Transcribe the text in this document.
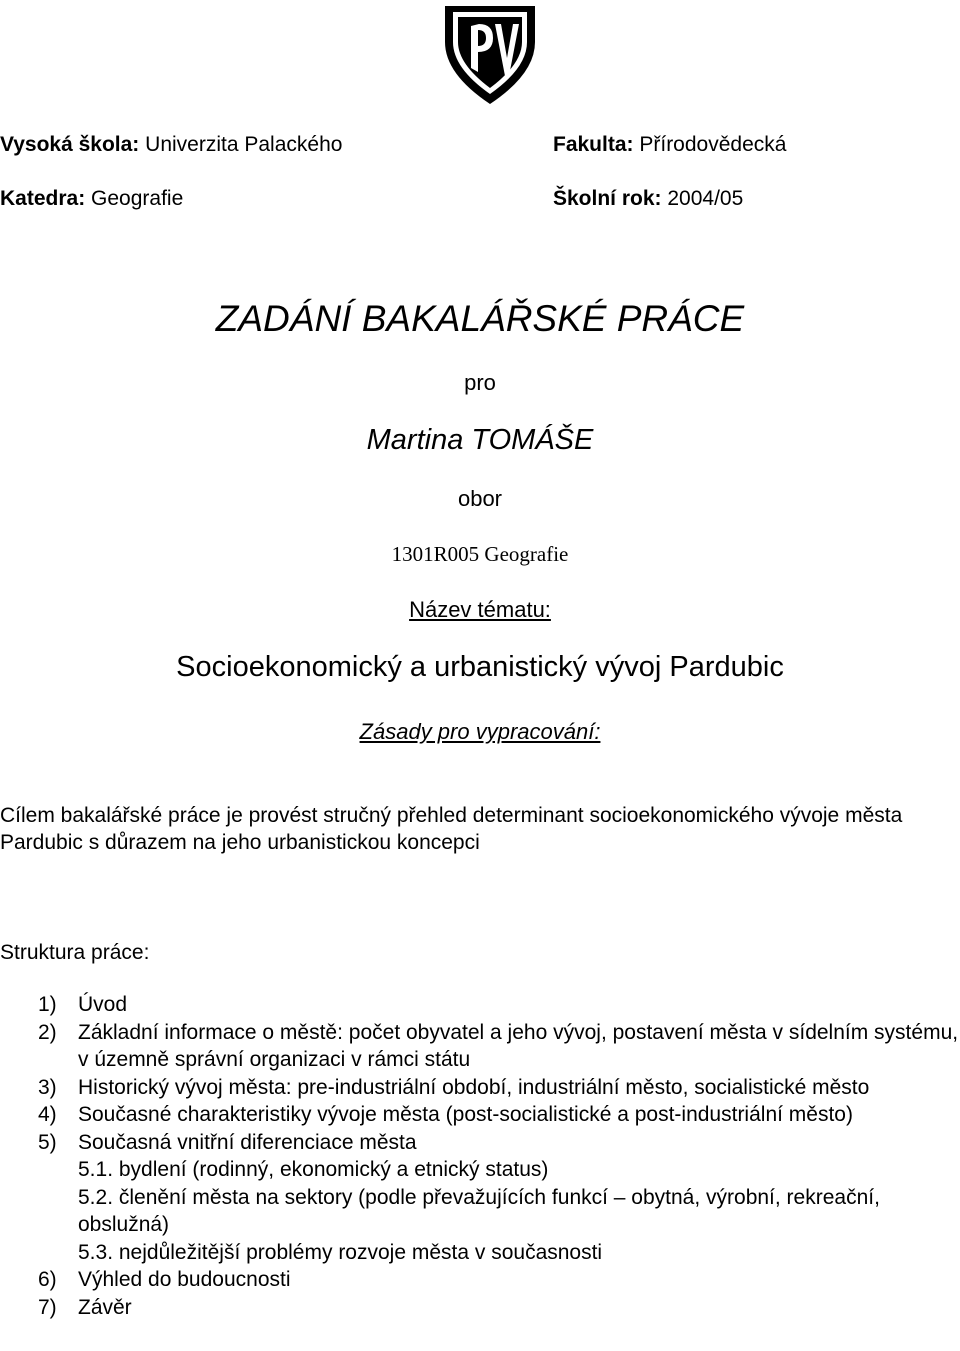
Vysoká škola: Univerzita Palackého	Fakulta: Přírodovědecká
Katedra: Geografie	Školní rok: 2004/05
ZADÁNÍ BAKALÁŘSKÉ PRÁCE
pro
Martina TOMÁŠE
obor
1301R005 Geografie
Název tématu:
Socioekonomický a urbanistický vývoj Pardubic
Zásady pro vypracování:
Cílem bakalářské práce je provést stručný přehled determinant socioekonomického vývoje města Pardubic s důrazem na jeho urbanistickou koncepci
Struktura práce:
1)	Úvod
2)	Základní informace o městě: počet obyvatel a jeho vývoj, postavení města v sídelním systému, v územně správní organizaci v rámci státu
3)	Historický vývoj města: pre-industriální období, industriální město, socialistické město
4)	Současné charakteristiky vývoje města (post-socialistické a post-industriální město)
5)	Současná vnitřní diferenciace města
5.1. bydlení (rodinný, ekonomický a etnický status)
5.2. členění města na sektory (podle převažujících funkcí – obytná, výrobní, rekreační, obslužná)
5.3. nejdůležitější problémy rozvoje města v současnosti
6)	Výhled do budoucnosti
7)	Závěr
